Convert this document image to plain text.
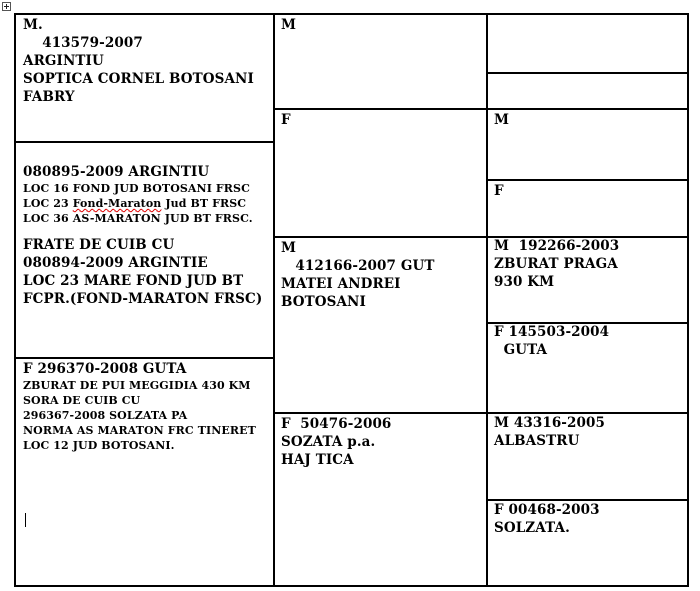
M.
413579-2007
ARGINTIU
SOPTICA CORNEL BOTOSANI
FABRY
080895-2009 ARGINTIU
LOC 16 FOND JUD BOTOSANI FRSC
LOC 23 Fond-Maraton Jud BT FRSC
LOC 36 AS-MARATON JUD BT FRSC.
FRATE DE CUIB CU
080894-2009 ARGINTIE
LOC 23 MARE FOND JUD BT
FCPR.(FOND-MARATON FRSC)
F 296370-2008 GUTA
ZBURAT DE PUI MEGGIDIA 430 KM
SORA DE CUIB CU
296367-2008 SOLZATA PA
NORMA AS MARATON FRC TINERET
LOC 12 JUD BOTOSANI.
M
F
M
412166-2007 GUT
MATEI ANDREI
BOTOSANI
F  50476-2006
SOZATA p.a.
HAJ TICA
M
F
M  192266-2003
ZBURAT PRAGA
930 KM
F 145503-2004
GUTA
M 43316-2005
ALBASTRU
F 00468-2003
SOLZATA.
